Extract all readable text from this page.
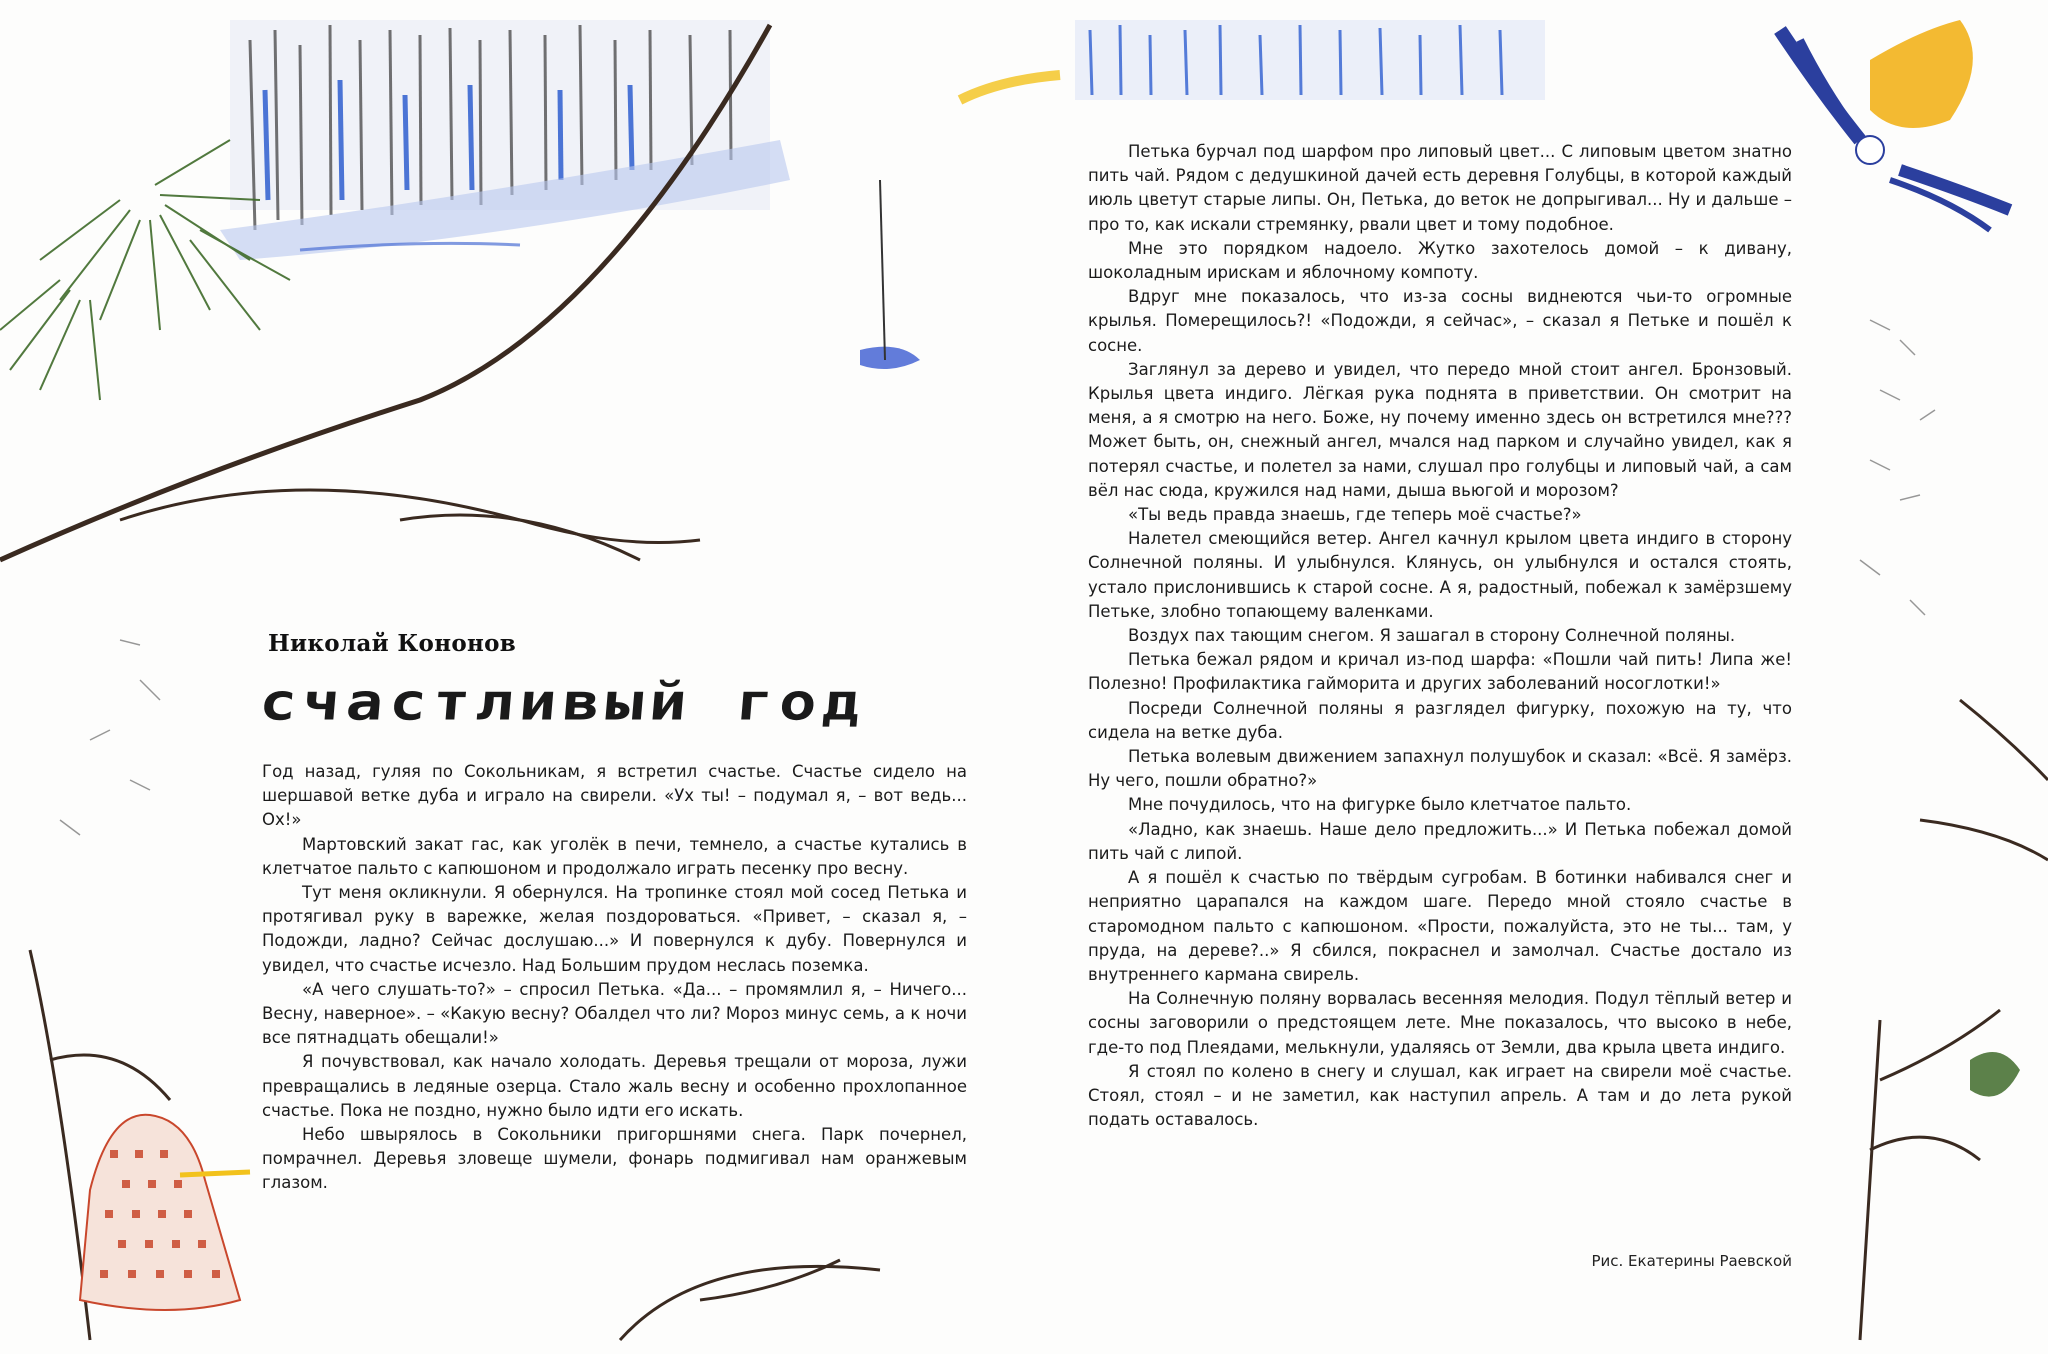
Николай Кононов
счастливый год

Год назад, гуляя по Сокольникам, я встретил счастье. Счастье сидело на шершавой ветке дуба и играло на свирели. «Ух ты! – подумал я, – вот ведь... Ох!»

Мартовский закат гас, как уголёк в печи, темнело, а счастье кутались в клетчатое пальто с капюшоном и продолжало играть песенку про весну.

Тут меня окликнули. Я обернулся. На тропинке стоял мой сосед Петька и протягивал руку в варежке, желая поздороваться. «Привет, – сказал я, – Подожди, ладно? Сейчас дослушаю...» И повернулся к дубу. Повернулся и увидел, что счастье исчезло. Над Большим прудом неслась поземка.

«А чего слушать-то?» – спросил Петька. «Да... – промямлил я, – Ничего... Весну, наверное». – «Какую весну? Обалдел что ли? Мороз минус семь, а к ночи все пятнадцать обещали!»

Я почувствовал, как начало холодать. Деревья трещали от мороза, лужи превращались в ледяные озерца. Стало жаль весну и особенно прохлопанное счастье. Пока не поздно, нужно было идти его искать.

Небо швырялось в Сокольники пригоршнями снега. Парк почернел, помрачнел. Деревья зловеще шумели, фонарь подмигивал нам оранжевым глазом.

Петька бурчал под шарфом про липовый цвет... С липовым цветом знатно пить чай. Рядом с дедушкиной дачей есть деревня Голубцы, в которой каждый июль цветут старые липы. Он, Петька, до веток не допрыгивал... Ну и дальше – про то, как искали стремянку, рвали цвет и тому подобное.

Мне это порядком надоело. Жутко захотелось домой – к дивану, шоколадным ирискам и яблочному компоту.

Вдруг мне показалось, что из-за сосны виднеются чьи-то огромные крылья. Померещилось?! «Подожди, я сейчас», – сказал я Петьке и пошёл к сосне.

Заглянул за дерево и увидел, что передо мной стоит ангел. Бронзовый. Крылья цвета индиго. Лёгкая рука поднята в приветствии. Он смотрит на меня, а я смотрю на него. Боже, ну почему именно здесь он встретился мне??? Может быть, он, снежный ангел, мчался над парком и случайно увидел, как я потерял счастье, и полетел за нами, слушал про голубцы и липовый чай, а сам вёл нас сюда, кружился над нами, дыша вьюгой и морозом?

«Ты ведь правда знаешь, где теперь моё счастье?»

Налетел смеющийся ветер. Ангел качнул крылом цвета индиго в сторону Солнечной поляны. И улыбнулся. Клянусь, он улыбнулся и остался стоять, устало прислонившись к старой сосне. А я, радостный, побежал к замёрзшему Петьке, злобно топающему валенками.

Воздух пах тающим снегом. Я зашагал в сторону Солнечной поляны.

Петька бежал рядом и кричал из-под шарфа: «Пошли чай пить! Липа же! Полезно! Профилактика гайморита и других заболеваний носоглотки!»

Посреди Солнечной поляны я разглядел фигурку, похожую на ту, что сидела на ветке дуба.

Петька волевым движением запахнул полушубок и сказал: «Всё. Я замёрз. Ну чего, пошли обратно?»

Мне почудилось, что на фигурке было клетчатое пальто.

«Ладно, как знаешь. Наше дело предложить...» И Петька побежал домой пить чай с липой.

А я пошёл к счастью по твёрдым сугробам. В ботинки набивался снег и неприятно царапался на каждом шаге. Передо мной стояло счастье в старомодном пальто с капюшоном. «Прости, пожалуйста, это не ты... там, у пруда, на дереве?..» Я сбился, покраснел и замолчал. Счастье достало из внутреннего кармана свирель.

На Солнечную поляну ворвалась весенняя мелодия. Подул тёплый ветер и сосны заговорили о предстоящем лете. Мне показалось, что высоко в небе, где-то под Плеядами, мелькнули, удаляясь от Земли, два крыла цвета индиго.

Я стоял по колено в снегу и слушал, как играет на свирели моё счастье. Стоял, стоял – и не заметил, как наступил апрель. А там и до лета рукой подать оставалось.

Рис. Екатерины Раевской
